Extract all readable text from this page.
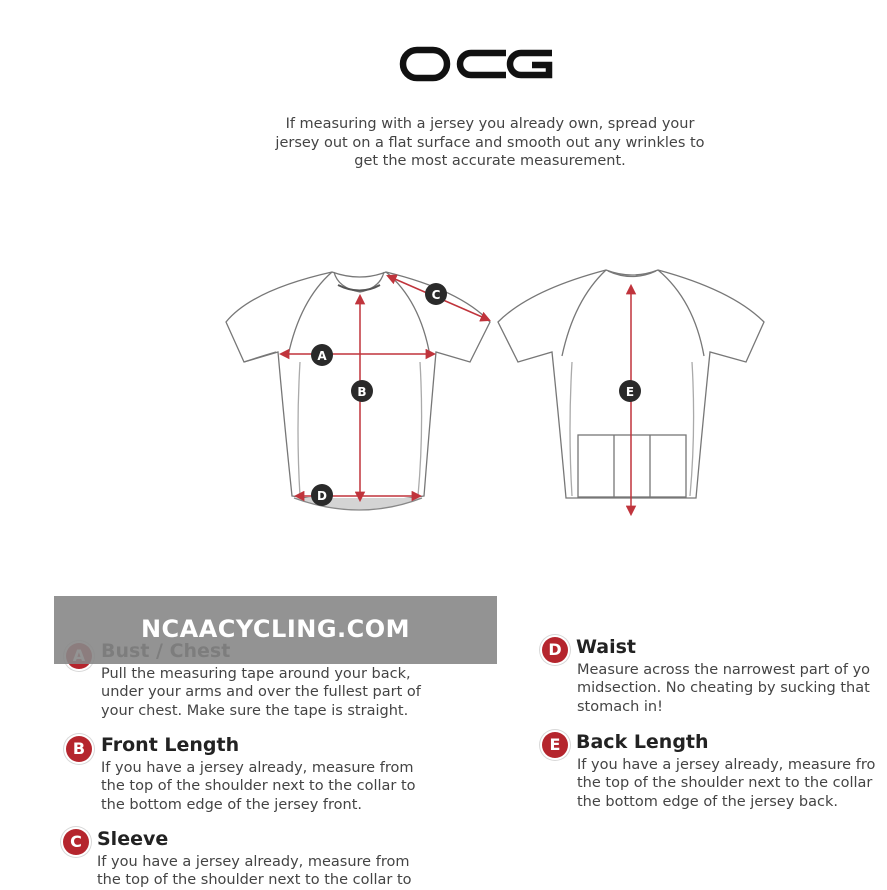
If measuring with a jersey you already own, spread your
jersey out on a flat surface and smooth out any wrinkles to
get the most accurate measurement.
A
B
C
D
E
NCAACYCLING.COM
Pull the measuring tape around your back,
under your arms and over the fullest part of
your chest. Make sure the tape is straight.
B Front Length
If you have a jersey already, measure from
the top of the shoulder next to the collar to
the bottom edge of the jersey front.
C Sleeve
If you have a jersey already, measure from
the top of the shoulder next to the collar to
D Waist
Measure across the narrowest part of yo
midsection. No cheating by sucking that
stomach in!
E Back Length
If you have a jersey already, measure fro
the top of the shoulder next to the collar
the bottom edge of the jersey back.
